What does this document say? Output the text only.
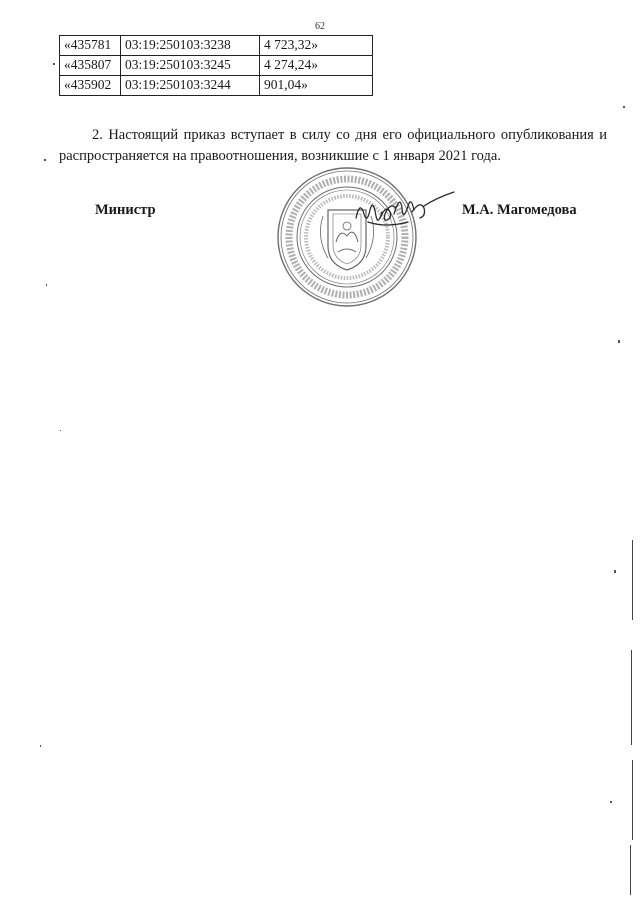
62
«435781	03:19:250103:3238	4 723,32»
«435807	03:19:250103:3245	4 274,24»
«435902	03:19:250103:3244	901,04»

2. Настоящий приказ вступает в силу со дня его официального опубликования и распространяется на правоотношения, возникшие с 1 января 2021 года.

Министр	М.А. Магомедова
